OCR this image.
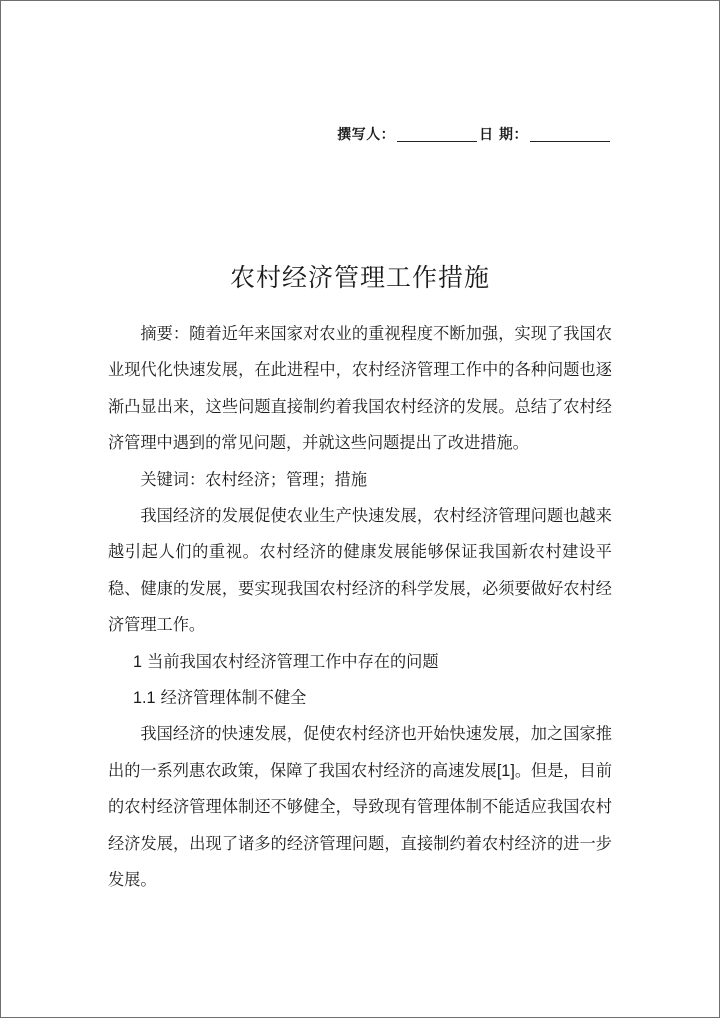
撰写人：	日 期：
农村经济管理工作措施

摘要：随着近年来国家对农业的重视程度不断加强，实现了我国农业现代化快速发展，在此进程中，农村经济管理工作中的各种问题也逐渐凸显出来，这些问题直接制约着我国农村经济的发展。总结了农村经济管理中遇到的常见问题，并就这些问题提出了改进措施。

关键词：农村经济；管理；措施

我国经济的发展促使农业生产快速发展，农村经济管理问题也越来越引起人们的重视。农村经济的健康发展能够保证我国新农村建设平稳、健康的发展，要实现我国农村经济的科学发展，必须要做好农村经济管理工作。

1 当前我国农村经济管理工作中存在的问题

1.1 经济管理体制不健全

我国经济的快速发展，促使农村经济也开始快速发展，加之国家推出的一系列惠农政策，保障了我国农村经济的高速发展[1]。但是，目前的农村经济管理体制还不够健全，导致现有管理体制不能适应我国农村经济发展，出现了诸多的经济管理问题，直接制约着农村经济的进一步发展。
